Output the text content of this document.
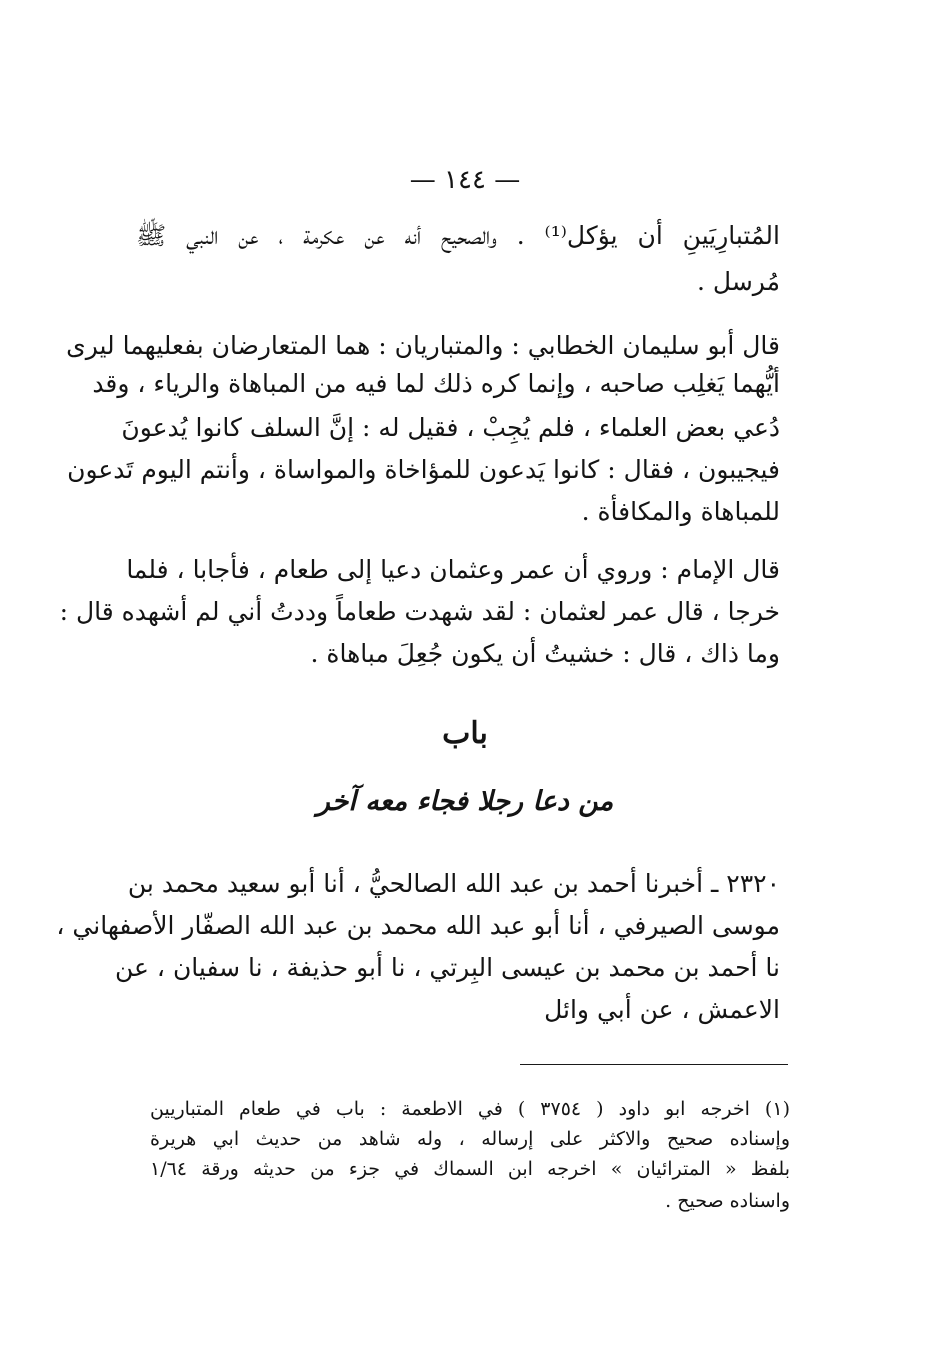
— ١٤٤ —
المُتبارِيَينِ أن يؤكل⁽¹⁾ . والصحيح أنه عن عكرمة ، عن النبي ﷺ
مُرسل .
قال أبو سليمان الخطابي : والمتباريان : هما المتعارضان بفعليهما ليرى
أيُّهما يَغلِب صاحبه ، وإنما كره ذلك لما فيه من المباهاة والرياء ، وقد
دُعي بعض العلماء ، فلم يُجِبْ ، فقيل له : إنَّ السلف كانوا يُدعونَ
فيجيبون ، فقال : كانوا يَدعون للمؤاخاة والمواساة ، وأنتم اليوم تَدعون
للمباهاة والمكافأة .
قال الإمام : وروي أن عمر وعثمان دعيا إلى طعام ، فأجابا ، فلما
خرجا ، قال عمر لعثمان : لقد شهدت طعاماً وددتُ أني لم أشهده قال :
وما ذاك ، قال : خشيتُ أن يكون جُعِلَ مباهاة .
باب
من دعا رجلا فجاء معه آخر
٢٣٢٠ ـ أخبرنا أحمد بن عبد الله الصالحيُّ ، أنا أبو سعيد محمد بن
موسى الصيرفي ، أنا أبو عبد الله محمد بن عبد الله الصفّار الأصفهاني ،
نا أحمد بن محمد بن عيسى البِرتي ، نا أبو حذيفة ، نا سفيان ، عن
الاعمش ، عن أبي وائل
(١) اخرجه ابو داود ( ٣٧٥٤ ) في الاطعمة : باب في طعام المتباريين
وإسناده صحيح والاكثر على إرساله ، وله شاهد من حديث ابي هريرة
بلفظ « المترائيان » اخرجه ابن السماك في جزء من حديثه ورقة ١/٦٤
واسناده صحيح .
